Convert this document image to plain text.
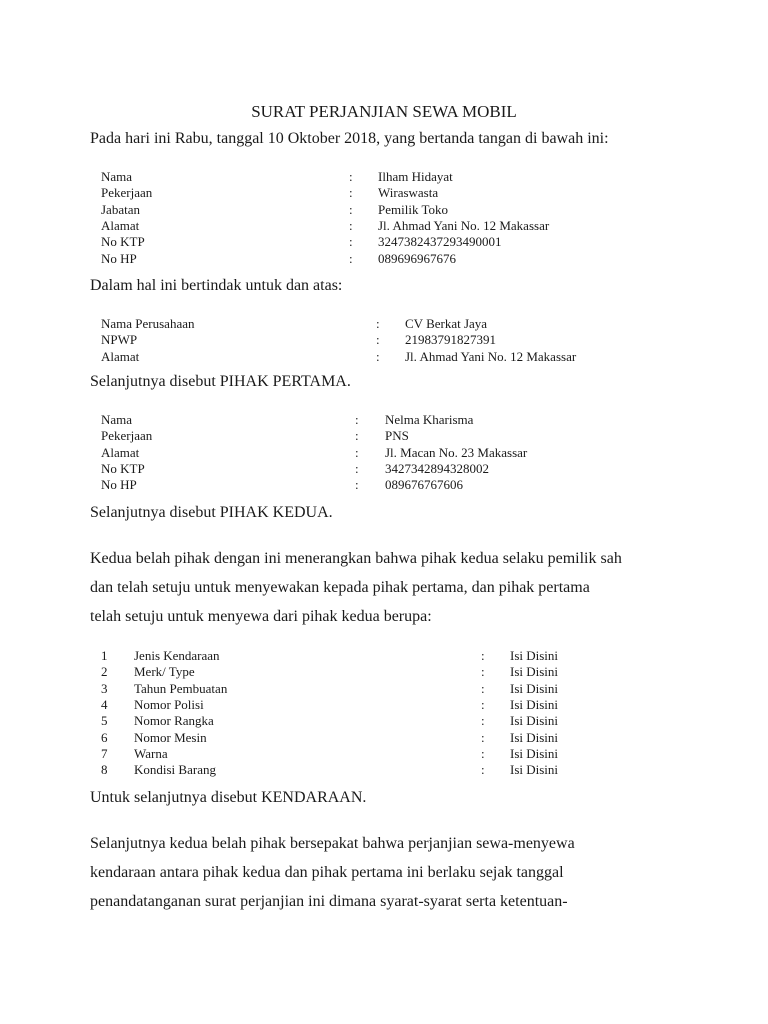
SURAT PERJANJIAN SEWA MOBIL
Pada hari ini Rabu, tanggal 10 Oktober 2018, yang bertanda tangan di bawah ini:
Nama	: Ilham Hidayat
Pekerjaan	: Wiraswasta
Jabatan	: Pemilik Toko
Alamat	: Jl. Ahmad Yani No. 12 Makassar
No KTP	: 3247382437293490001
No HP	: 089696967676
Dalam hal ini bertindak untuk dan atas:
Nama Perusahaan	: CV Berkat Jaya
NPWP	: 21983791827391
Alamat	: Jl. Ahmad Yani No. 12 Makassar
Selanjutnya disebut PIHAK PERTAMA.
Nama	: Nelma Kharisma
Pekerjaan	: PNS
Alamat	: Jl. Macan No. 23 Makassar
No KTP	: 3427342894328002
No HP	: 089676767606
Selanjutnya disebut PIHAK KEDUA.
Kedua belah pihak dengan ini menerangkan bahwa pihak kedua selaku pemilik sah
dan telah setuju untuk menyewakan kepada pihak pertama, dan pihak pertama
telah setuju untuk menyewa dari pihak kedua berupa:
1 Jenis Kendaraan	: Isi Disini
2 Merk/ Type	: Isi Disini
3 Tahun Pembuatan	: Isi Disini
4 Nomor Polisi	: Isi Disini
5 Nomor Rangka	: Isi Disini
6 Nomor Mesin	: Isi Disini
7 Warna	: Isi Disini
8 Kondisi Barang	: Isi Disini
Untuk selanjutnya disebut KENDARAAN.
Selanjutnya kedua belah pihak bersepakat bahwa perjanjian sewa-menyewa
kendaraan antara pihak kedua dan pihak pertama ini berlaku sejak tanggal
penandatanganan surat perjanjian ini dimana syarat-syarat serta ketentuan-
